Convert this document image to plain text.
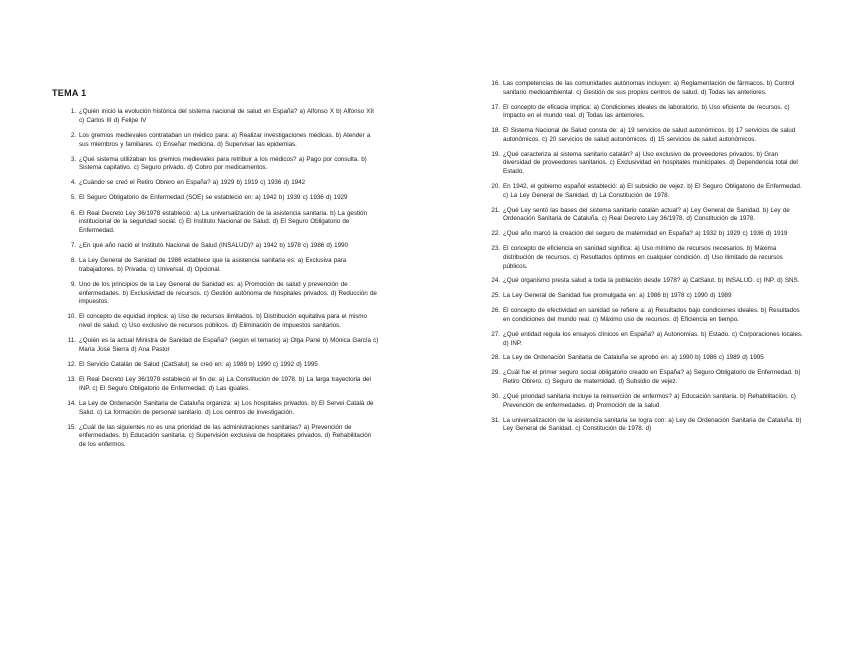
TEMA 1
1. ¿Quién inició la evolución histórica del sistema nacional de salud en España? a) Alfonso X b) Alfonso XII c) Carlos III d) Felipe IV
2. Los gremios medievales contrataban un médico para: a) Realizar investigaciones médicas. b) Atender a sus miembros y familiares. c) Enseñar medicina. d) Supervisar las epidemias.
3. ¿Qué sistema utilizaban los gremios medievales para retribuir a los médicos? a) Pago por consulta. b) Sistema capitativo. c) Seguro privado. d) Cobro por medicamentos.
4. ¿Cuándo se creó el Retiro Obrero en España? a) 1929 b) 1919 c) 1936 d) 1942
5. El Seguro Obligatorio de Enfermedad (SOE) se estableció en: a) 1942 b) 1939 c) 1936 d) 1929
6. El Real Decreto Ley 36/1978 estableció: a) La universalización de la asistencia sanitaria. b) La gestión institucional de la seguridad social. c) El Instituto Nacional de Salud. d) El Seguro Obligatorio de Enfermedad.
7. ¿En qué año nació el Instituto Nacional de Salud (INSALUD)? a) 1942 b) 1978 c) 1986 d) 1990
8. La Ley General de Sanidad de 1986 establece que la asistencia sanitaria es: a) Exclusiva para trabajadores. b) Privada. c) Universal. d) Opcional.
9. Uno de los principios de la Ley General de Sanidad es: a) Promoción de salud y prevención de enfermedades. b) Exclusividad de recursos. c) Gestión autónoma de hospitales privados. d) Reducción de impuestos.
10. El concepto de equidad implica: a) Uso de recursos ilimitados. b) Distribución equitativa para el mismo nivel de salud. c) Uso exclusivo de recursos públicos. d) Eliminación de impuestos sanitarios.
11. ¿Quién es la actual Ministra de Sanidad de España? (según el temario) a) Olga Pané b) Mónica García c) María José Sierra d) Ana Pastor
12. El Servicio Catalán de Salud (CatSalut) se creó en: a) 1989 b) 1990 c) 1992 d) 1995
13. El Real Decreto Ley 36/1978 estableció el fin de: a) La Constitución de 1978. b) La larga trayectoria del INP. c) El Seguro Obligatorio de Enfermedad. d) Las iguales.
14. La Ley de Ordenación Sanitaria de Cataluña organiza: a) Los hospitales privados. b) El Servei Català de Salut. c) La formación de personal sanitario. d) Los centros de investigación.
15. ¿Cuál de las siguientes no es una prioridad de las administraciones sanitarias? a) Prevención de enfermedades. b) Educación sanitaria. c) Supervisión exclusiva de hospitales privados. d) Rehabilitación de los enfermos.
16. Las competencias de las comunidades autónomas incluyen: a) Reglamentación de fármacos. b) Control sanitario medioambiental. c) Gestión de sus propios centros de salud. d) Todas las anteriores.
17. El concepto de eficacia implica: a) Condiciones ideales de laboratorio. b) Uso eficiente de recursos. c) Impacto en el mundo real. d) Todas las anteriores.
18. El Sistema Nacional de Salud consta de: a) 19 servicios de salud autonómicos. b) 17 servicios de salud autonómicos. c) 20 servicios de salud autonómicos. d) 15 servicios de salud autonómicos.
19. ¿Qué caracteriza al sistema sanitario catalán? a) Uso exclusivo de proveedores privados. b) Gran diversidad de proveedores sanitarios. c) Exclusividad en hospitales municipales. d) Dependencia total del Estado.
20. En 1942, el gobierno español estableció: a) El subsidio de vejez. b) El Seguro Obligatorio de Enfermedad. c) La Ley General de Sanidad. d) La Constitución de 1978.
21. ¿Qué Ley sentó las bases del sistema sanitario catalán actual? a) Ley General de Sanidad. b) Ley de Ordenación Sanitaria de Cataluña. c) Real Decreto Ley 36/1978. d) Constitución de 1978.
22. ¿Qué año marcó la creación del seguro de maternidad en España? a) 1932 b) 1929 c) 1936 d) 1919
23. El concepto de eficiencia en sanidad significa: a) Uso mínimo de recursos necesarios. b) Máxima distribución de recursos. c) Resultados óptimos en cualquier condición. d) Uso ilimitado de recursos públicos.
24. ¿Qué organismo presta salud a toda la población desde 1978? a) CatSalut. b) INSALUD. c) INP. d) SNS.
25. La Ley General de Sanidad fue promulgada en: a) 1986 b) 1978 c) 1990 d) 1989
26. El concepto de efectividad en sanidad se refiere a: a) Resultados bajo condiciones ideales. b) Resultados en condiciones del mundo real. c) Máximo uso de recursos. d) Eficiencia en tiempo.
27. ¿Qué entidad regula los ensayos clínicos en España? a) Autonomías. b) Estado. c) Corporaciones locales. d) INP.
28. La Ley de Ordenación Sanitaria de Cataluña se aprobó en: a) 1990 b) 1986 c) 1989 d) 1995
29. ¿Cuál fue el primer seguro social obligatorio creado en España? a) Seguro Obligatorio de Enfermedad. b) Retiro Obrero. c) Seguro de maternidad. d) Subsidio de vejez.
30. ¿Qué prioridad sanitaria incluye la reinserción de enfermos? a) Educación sanitaria. b) Rehabilitación. c) Prevención de enfermedades. d) Promoción de la salud.
31. La universalización de la asistencia sanitaria se logra con: a) Ley de Ordenación Sanitaria de Cataluña. b) Ley General de Sanidad. c) Constitución de 1978. d)
